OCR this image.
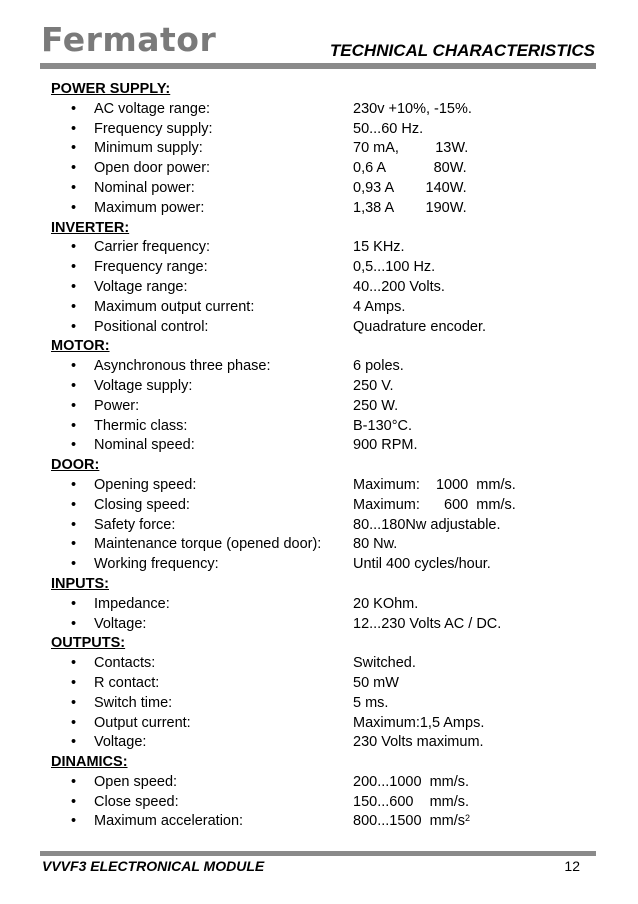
Fermator	TECHNICAL CHARACTERISTICS
POWER SUPPLY:
• AC voltage range:	230v +10%, -15%.
• Frequency supply:	50...60 Hz.
• Minimum supply:	70 mA,         13W.
• Open door power:	0,6 A            80W.
• Nominal power:	0,93 A        140W.
• Maximum power:	1,38 A        190W.
INVERTER:
• Carrier frequency:	15 KHz.
• Frequency range:	0,5...100 Hz.
• Voltage range:	40...200 Volts.
• Maximum output current:	4 Amps.
• Positional control:	Quadrature encoder.
MOTOR:
• Asynchronous three phase:	6 poles.
• Voltage supply:	250 V.
• Power:	250 W.
• Thermic class:	B-130°C.
• Nominal speed:	900 RPM.
DOOR:
• Opening speed:	Maximum:    1000  mm/s.
• Closing speed:	Maximum:      600  mm/s.
• Safety force:	80...180Nw adjustable.
• Maintenance torque (opened door): 80 Nw.
• Working frequency:	Until 400 cycles/hour.
INPUTS:
• Impedance:	20 KOhm.
• Voltage:	12...230 Volts AC / DC.
OUTPUTS:
• Contacts:	Switched.
• R contact:	50 mW
• Switch time:	5 ms.
• Output current:	Maximum:1,5 Amps.
• Voltage:	230 Volts maximum.
DINAMICS:
• Open speed:	200...1000  mm/s.
• Close speed:	150...600    mm/s.
• Maximum acceleration:	800...1500  $mm/s^2$
VVVF3 ELECTRONICAL MODULE	12
